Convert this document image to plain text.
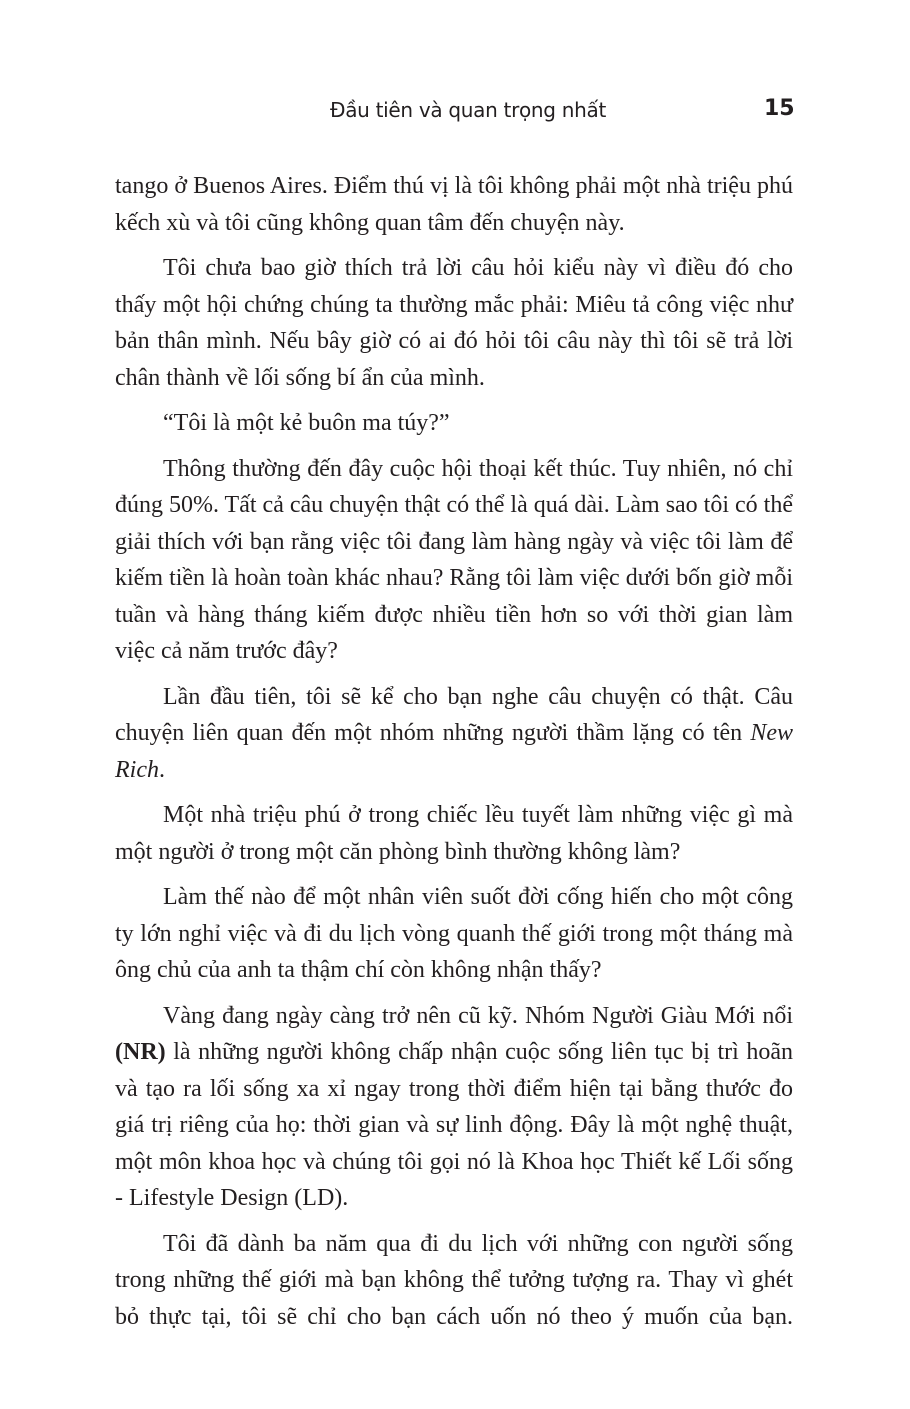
Đầu tiên và quan trọng nhất	15

tango ở Buenos Aires. Điểm thú vị là tôi không phải một nhà triệu phú kếch xù và tôi cũng không quan tâm đến chuyện này.

Tôi chưa bao giờ thích trả lời câu hỏi kiểu này vì điều đó cho thấy một hội chứng chúng ta thường mắc phải: Miêu tả công việc như bản thân mình. Nếu bây giờ có ai đó hỏi tôi câu này thì tôi sẽ trả lời chân thành về lối sống bí ẩn của mình.

“Tôi là một kẻ buôn ma túy?”

Thông thường đến đây cuộc hội thoại kết thúc. Tuy nhiên, nó chỉ đúng 50%. Tất cả câu chuyện thật có thể là quá dài. Làm sao tôi có thể giải thích với bạn rằng việc tôi đang làm hàng ngày và việc tôi làm để kiếm tiền là hoàn toàn khác nhau? Rằng tôi làm việc dưới bốn giờ mỗi tuần và hàng tháng kiếm được nhiều tiền hơn so với thời gian làm việc cả năm trước đây?

Lần đầu tiên, tôi sẽ kể cho bạn nghe câu chuyện có thật. Câu chuyện liên quan đến một nhóm những người thầm lặng có tên New Rich.

Một nhà triệu phú ở trong chiếc lều tuyết làm những việc gì mà một người ở trong một căn phòng bình thường không làm?

Làm thế nào để một nhân viên suốt đời cống hiến cho một công ty lớn nghỉ việc và đi du lịch vòng quanh thế giới trong một tháng mà ông chủ của anh ta thậm chí còn không nhận thấy?

Vàng đang ngày càng trở nên cũ kỹ. Nhóm Người Giàu Mới nổi (NR) là những người không chấp nhận cuộc sống liên tục bị trì hoãn và tạo ra lối sống xa xỉ ngay trong thời điểm hiện tại bằng thước đo giá trị riêng của họ: thời gian và sự linh động. Đây là một nghệ thuật, một môn khoa học và chúng tôi gọi nó là Khoa học Thiết kế Lối sống - Lifestyle Design (LD).

Tôi đã dành ba năm qua đi du lịch với những con người sống trong những thế giới mà bạn không thể tưởng tượng ra. Thay vì ghét bỏ thực tại, tôi sẽ chỉ cho bạn cách uốn nó theo ý muốn của bạn.
